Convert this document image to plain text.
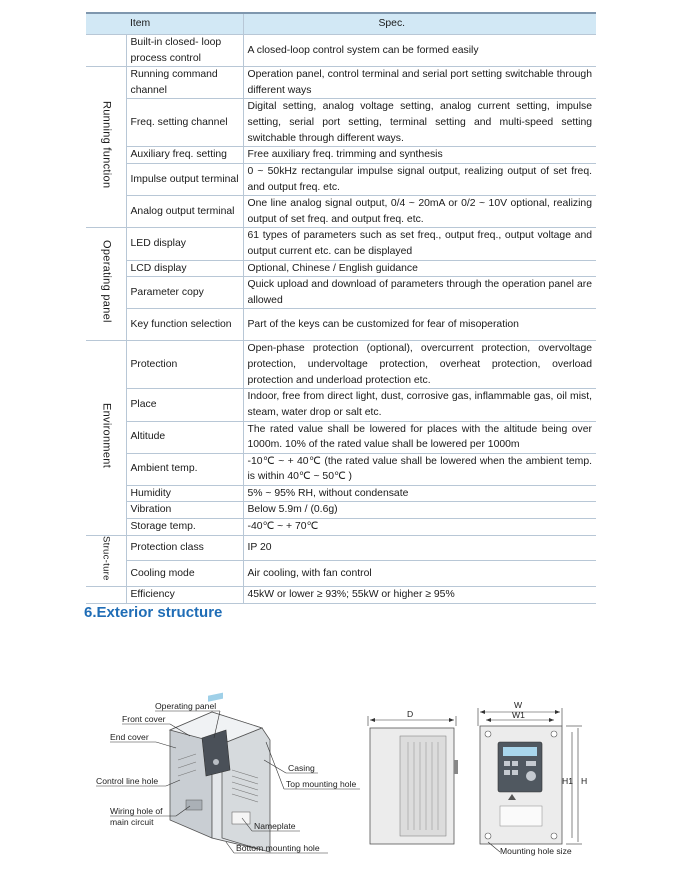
	Item	Spec.
	Built-in closed- loop process control	A closed-loop control system can be formed easily
Running function	Running command channel	Operation panel, control terminal and serial port setting switchable through different ways
	Freq. setting channel	Digital setting, analog voltage setting, analog current setting, impulse setting, serial port setting, terminal setting and multi-speed setting switchable through different ways.
	Auxiliary freq. setting	Free auxiliary freq. trimming and synthesis
	Impulse output terminal	0 ~ 50kHz rectangular impulse signal output, realizing output of set freq. and output freq. etc.
	Analog output terminal	One line analog signal output, 0/4 ~ 20mA or 0/2 ~ 10V optional, realizing output of set freq. and output freq. etc.
Operating panel	LED display	61 types of parameters such as set freq., output freq., output voltage and output current etc. can be displayed
	LCD display	Optional, Chinese / English guidance
	Parameter copy	Quick upload and download of parameters through the operation panel are allowed
	Key function selection	Part of the keys can be customized for fear of misoperation
Environment	Protection	Open-phase protection (optional), overcurrent protection, overvoltage protection, undervoltage protection, overheat protection, overload protection and underload protection etc.
	Place	Indoor, free from direct light, dust, corrosive gas, inflammable gas, oil mist, steam, water drop or salt etc.
	Altitude	The rated value shall be lowered for places with the altitude being over 1000m. 10% of the rated value shall be lowered per 1000m
	Ambient temp.	-10℃ ~ + 40℃ (the rated value shall be lowered when the ambient temp. is within 40℃ ~ 50℃ )
	Humidity	5% ~ 95% RH, without condensate
	Vibration	Below 5.9m / (0.6g)
	Storage temp.	-40℃ ~ + 70℃
Struc-ture	Protection class	IP 20
	Cooling mode	Air cooling, with fan control
	Efficiency	45kW or lower ≥ 93%; 55kW or higher ≥ 95%
6.Exterior structure
Operating panel
Front cover
End cover
Control line hole
Wiring hole of
main circuit
Casing
Top mounting hole
Nameplate
Bottom mounting hole
D
W
W1
H1 H
Mounting hole size
